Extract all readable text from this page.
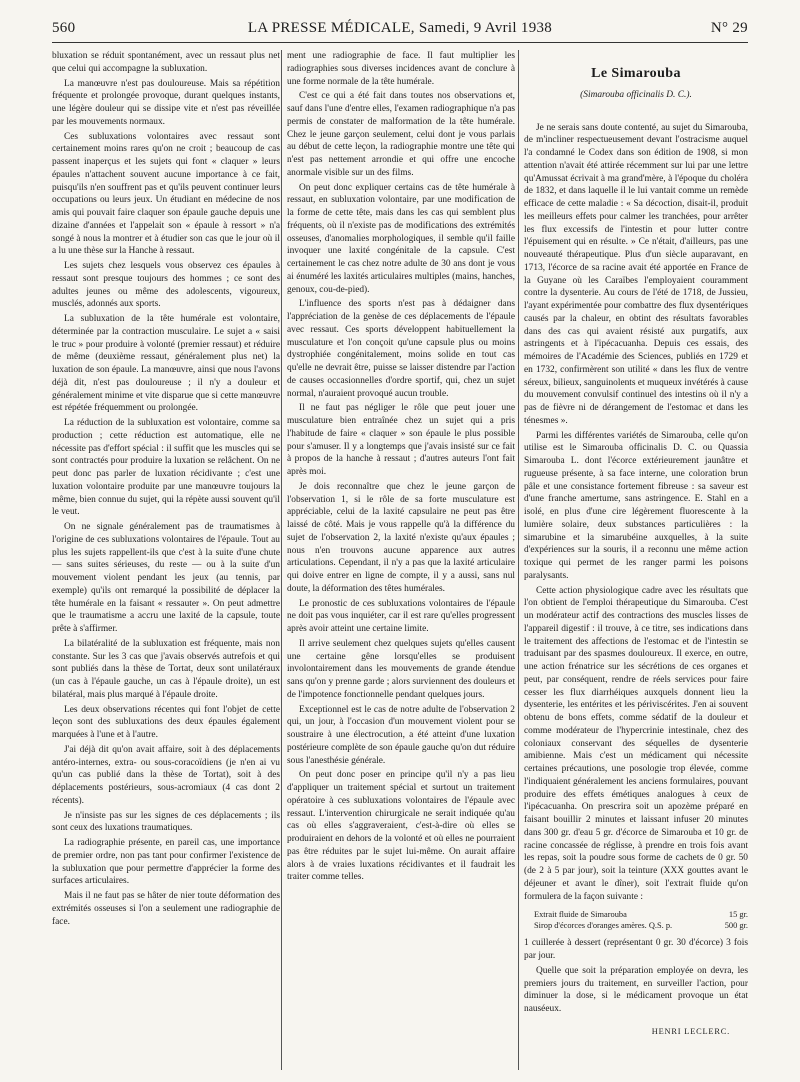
560	LA PRESSE MÉDICALE, Samedi, 9 Avril 1938	N° 29

bluxation se réduit spontanément, avec un ressaut plus net que celui qui accompagne la subluxation.

La manœuvre n'est pas douloureuse. Mais sa répétition fréquente et prolongée provoque, durant quelques instants, une légère douleur qui se dissipe vite et n'est pas réveillée par les mouvements normaux.

Ces subluxations volontaires avec ressaut sont certainement moins rares qu'on ne croit ; beaucoup de cas passent inaperçus et les sujets qui font « claquer » leurs épaules n'attachent souvent aucune importance à ce fait, puisqu'ils n'en souffrent pas et qu'ils peuvent continuer leurs occupations ou leurs jeux. Un étudiant en médecine de nos amis qui pouvait faire claquer son épaule gauche depuis une dizaine d'années et l'appelait son « épaule à ressort » n'a songé à nous la montrer et à étudier son cas que le jour où il a lu une thèse sur la Hanche à ressaut.

Les sujets chez lesquels vous observez ces épaules à ressaut sont presque toujours des hommes ; ce sont des adultes jeunes ou même des adolescents, vigoureux, musclés, adonnés aux sports.

La subluxation de la tête humérale est volontaire, déterminée par la contraction musculaire. Le sujet a « saisi le truc » pour produire à volonté (premier ressaut) et réduire de même (deuxième ressaut, généralement plus net) la luxation de son épaule. La manœuvre, ainsi que nous l'avons déjà dit, n'est pas douloureuse ; il n'y a douleur et généralement minime et vite disparue que si cette manœuvre est répétée fréquemment ou prolongée.

La réduction de la subluxation est volontaire, comme sa production ; cette réduction est automatique, elle ne nécessite pas d'effort spécial : il suffit que les muscles qui se sont contractés pour produire la luxation se relâchent. On ne peut donc pas parler de luxation récidivante ; c'est une luxation volontaire produite par une manœuvre toujours la même, bien connue du sujet, qui la répète aussi souvent qu'il le veut.

On ne signale généralement pas de traumatismes à l'origine de ces subluxations volontaires de l'épaule. Tout au plus les sujets rappellent-ils que c'est à la suite d'une chute — sans suites sérieuses, du reste — ou à la suite d'un mouvement violent pendant les jeux (au tennis, par exemple) qu'ils ont remarqué la possibilité de déplacer la tête humérale en la faisant « ressauter ». On peut admettre que le traumatisme a accru une laxité de la capsule, toute prête à s'affirmer.

La bilatéralité de la subluxation est fréquente, mais non constante. Sur les 3 cas que j'avais observés autrefois et qui sont publiés dans la thèse de Tortat, deux sont unilatéraux (un cas à l'épaule gauche, un cas à l'épaule droite), un est bilatéral, mais plus marqué à l'épaule droite.

Les deux observations récentes qui font l'objet de cette leçon sont des subluxations des deux épaules également marquées à l'une et à l'autre.

J'ai déjà dit qu'on avait affaire, soit à des déplacements antéro-internes, extra- ou sous-coracoïdiens (je n'en ai vu qu'un cas publié dans la thèse de Tortat), soit à des déplacements postérieurs, sous-acromiaux (4 cas dont 2 récents).

Je n'insiste pas sur les signes de ces déplacements ; ils sont ceux des luxations traumatiques.

La radiographie présente, en pareil cas, une importance de premier ordre, non pas tant pour confirmer l'existence de la subluxation que pour permettre d'apprécier la forme des surfaces articulaires.

Mais il ne faut pas se hâter de nier toute déformation des extrémités osseuses si l'on a seulement une radiographie de face.

ment une radiographie de face. Il faut multiplier les radiographies sous diverses incidences avant de conclure à une forme normale de la tête humérale.

C'est ce qui a été fait dans toutes nos observations et, sauf dans l'une d'entre elles, l'examen radiographique n'a pas permis de constater de malformation de la tête humérale. Chez le jeune garçon seulement, celui dont je vous parlais au début de cette leçon, la radiographie montre une tête qui n'est pas nettement arrondie et qui offre une encoche anormale visible sur un des films.

On peut donc expliquer certains cas de tête humérale à ressaut, en subluxation volontaire, par une modification de la forme de cette tête, mais dans les cas qui semblent plus fréquents, où il n'existe pas de modifications des extrémités osseuses, d'anomalies morphologiques, il semble qu'il faille invoquer une laxité congénitale de la capsule. C'est certainement le cas chez notre adulte de 30 ans dont je vous ai énuméré les laxités articulaires multiples (mains, hanches, genoux, cou-de-pied).

L'influence des sports n'est pas à dédaigner dans l'appréciation de la genèse de ces déplacements de l'épaule avec ressaut. Ces sports développent habituellement la musculature et l'on conçoit qu'une capsule plus ou moins dystrophiée congénitalement, moins solide en tout cas qu'elle ne devrait être, puisse se laisser distendre par l'action de causes occasionnelles d'ordre sportif, qui, chez un sujet normal, n'auraient provoqué aucun trouble.

Il ne faut pas négliger le rôle que peut jouer une musculature bien entraînée chez un sujet qui a pris l'habitude de faire « claquer » son épaule le plus possible pour s'amuser. Il y a longtemps que j'avais insisté sur ce fait à propos de la hanche à ressaut ; d'autres auteurs l'ont fait après moi.

Je dois reconnaître que chez le jeune garçon de l'observation 1, si le rôle de sa forte musculature est appréciable, celui de la laxité capsulaire ne peut pas être laissé de côté. Mais je vous rappelle qu'à la différence du sujet de l'observation 2, la laxité n'existe qu'aux épaules ; nous n'en trouvons aucune apparence aux autres articulations. Cependant, il n'y a pas que la laxité articulaire qui doive entrer en ligne de compte, il y a aussi, sans nul doute, la déformation des têtes humérales.

Le pronostic de ces subluxations volontaires de l'épaule ne doit pas vous inquiéter, car il est rare qu'elles progressent après avoir atteint une certaine limite.

Il arrive seulement chez quelques sujets qu'elles causent une certaine gêne lorsqu'elles se produisent involontairement dans les mouvements de grande étendue sans qu'on y prenne garde ; alors surviennent des douleurs et de l'impotence fonctionnelle pendant quelques jours.

Exceptionnel est le cas de notre adulte de l'observation 2 qui, un jour, à l'occasion d'un mouvement violent pour se soustraire à une électrocution, a été atteint d'une luxation postérieure complète de son épaule gauche qu'on dut réduire sous l'anesthésie générale.

On peut donc poser en principe qu'il n'y a pas lieu d'appliquer un traitement spécial et surtout un traitement opératoire à ces subluxations volontaires de l'épaule avec ressaut. L'intervention chirurgicale ne serait indiquée qu'au cas où elles s'aggraveraient, c'est-à-dire où elles se produiraient en dehors de la volonté et où elles ne pourraient pas être réduites par le sujet lui-même. On aurait affaire alors à de vraies luxations récidivantes et il faudrait les traiter comme telles.

Le Simarouba
(Simarouba officinalis D. C.).

Je ne serais sans doute contenté, au sujet du Simarouba, de m'incliner respectueusement devant l'ostracisme auquel l'a condamné le Codex dans son édition de 1908, si mon attention n'avait été attirée récemment sur lui par une lettre qu'Amussat écrivait à ma grand'mère, à l'époque du choléra de 1832, et dans laquelle il le lui vantait comme un remède efficace de cette maladie : « Sa décoction, disait-il, produit les meilleurs effets pour calmer les tranchées, pour arrêter les flux excessifs de l'intestin et pour lutter contre l'épuisement qui en résulte. » Ce n'était, d'ailleurs, pas une nouveauté thérapeutique. Plus d'un siècle auparavant, en 1713, l'écorce de sa racine avait été apportée en France de la Guyane où les Caraïbes l'employaient couramment contre la dysenterie. Au cours de l'été de 1718, de Jussieu, l'ayant expérimentée pour combattre des flux dysentériques causés par la chaleur, en obtint des résultats favorables dans des cas qui avaient résisté aux purgatifs, aux astringents et à l'ipécacuanha. Depuis ces essais, des mémoires de l'Académie des Sciences, publiés en 1729 et en 1732, confirmèrent son utilité « dans les flux de ventre séreux, bilieux, sanguinolents et muqueux invétérés à cause du mouvement convulsif continuel des intestins où il n'y a pas de fièvre ni de dérangement de l'estomac et dans les ténesmes ».

Parmi les différentes variétés de Simarouba, celle qu'on utilise est le Simarouba officinalis D. C. ou Quassia Simarouba L. dont l'écorce extérieurement jaunâtre et rugueuse présente, à sa face interne, une coloration brun pâle et une consistance fortement fibreuse : sa saveur est d'une franche amertume, sans astringence. E. Stahl en a isolé, en plus d'une cire légèrement fluorescente à la lumière solaire, deux substances particulières : la simarubine et la simarubéine auxquelles, à la suite d'expériences sur la souris, il a reconnu une même action toxique qui permet de les ranger parmi les poisons paralysants.

Cette action physiologique cadre avec les résultats que l'on obtient de l'emploi thérapeutique du Simarouba. C'est un modérateur actif des contractions des muscles lisses de l'appareil digestif : il trouve, à ce titre, ses indications dans le traitement des affections de l'estomac et de l'intestin se traduisant par des spasmes douloureux. Il exerce, en outre, une action frénatrice sur les sécrétions de ces organes et peut, par conséquent, rendre de réels services pour faire cesser les flux diarrhéiques auxquels donnent lieu la dysenterie, les entérites et les périviscérites. J'en ai souvent obtenu de bons effets, comme sédatif de la douleur et comme modérateur de l'hypercrinie intestinale, chez des coloniaux conservant des séquelles de dysenterie amibienne. Mais c'est un médicament qui nécessite certaines précautions, une posologie trop élevée, comme l'indiquaient généralement les anciens formulaires, pouvant produire des effets émétiques analogues à ceux de l'ipécacuanha. On prescrira soit un apozème préparé en faisant bouillir 2 minutes et laissant infuser 20 minutes dans 300 gr. d'eau 5 gr. d'écorce de Simarouba et 10 gr. de racine concassée de réglisse, à prendre en trois fois avant les repas, soit la poudre sous forme de cachets de 0 gr. 50 (de 2 à 5 par jour), soit la teinture (XXX gouttes avant le déjeuner et avant le dîner), soit l'extrait fluide qu'on formulera de la façon suivante :

Extrait fluide de Simarouba	15 gr.
Sirop d'écorces d'oranges amères. Q.S. p.	500 gr.

1 cuillerée à dessert (représentant 0 gr. 30 d'écorce) 3 fois par jour.

Quelle que soit la préparation employée on devra, les premiers jours du traitement, en surveiller l'action, pour diminuer la dose, si le médicament provoque un état nauséeux.

HENRI LECLERC.
